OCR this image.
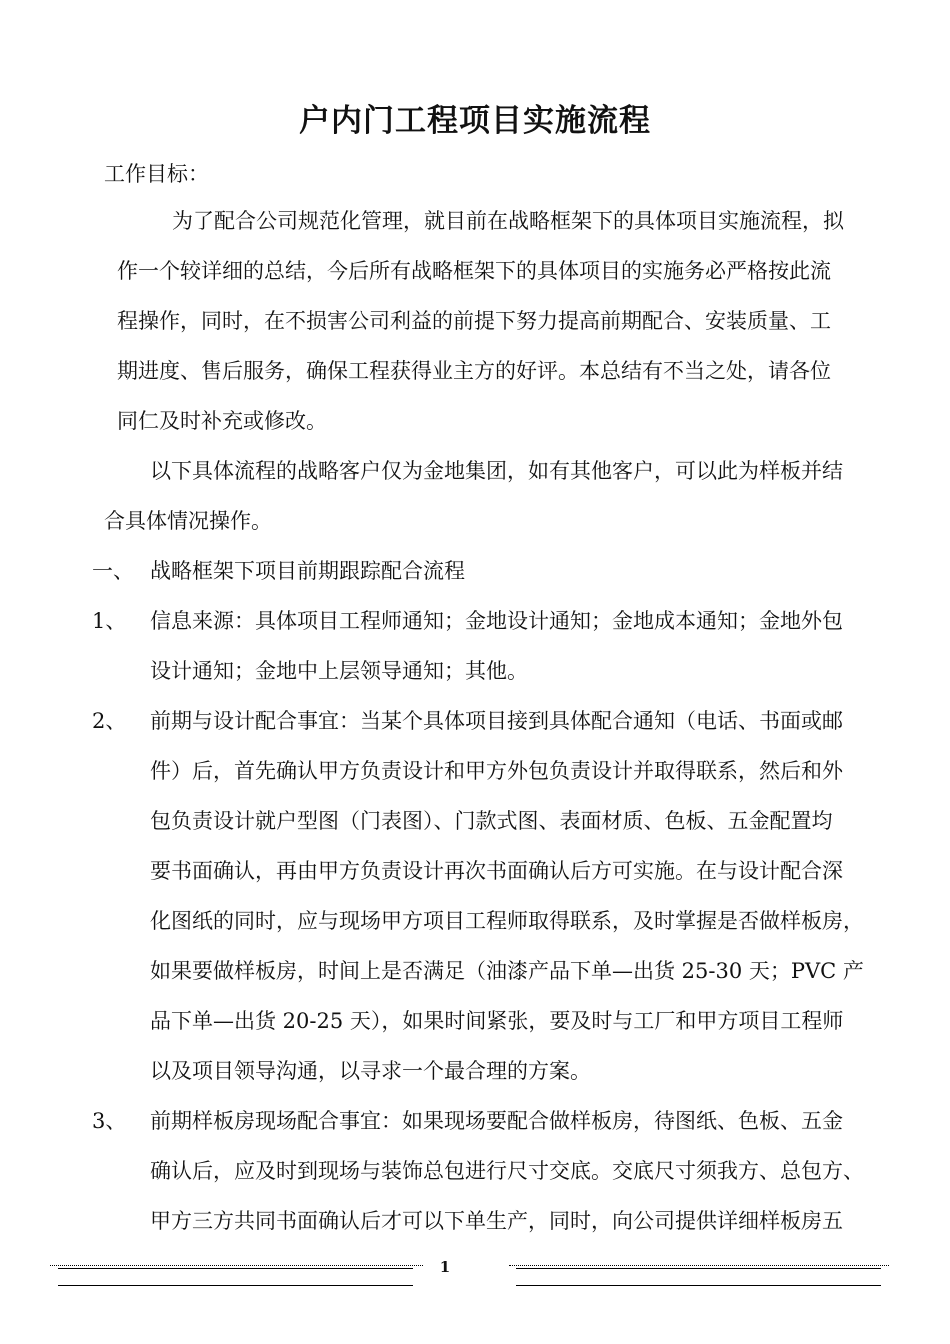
户内门工程项目实施流程
工作目标：
为了配合公司规范化管理，就目前在战略框架下的具体项目实施流程，拟
作一个较详细的总结，今后所有战略框架下的具体项目的实施务必严格按此流
程操作，同时，在不损害公司利益的前提下努力提高前期配合、安装质量、工
期进度、售后服务，确保工程获得业主方的好评。本总结有不当之处，请各位
同仁及时补充或修改。
以下具体流程的战略客户仅为金地集团，如有其他客户，可以此为样板并结
合具体情况操作。
一、 战略框架下项目前期跟踪配合流程
1、 信息来源：具体项目工程师通知；金地设计通知；金地成本通知；金地外包
设计通知；金地中上层领导通知；其他。
2、 前期与设计配合事宜：当某个具体项目接到具体配合通知（电话、书面或邮
件）后，首先确认甲方负责设计和甲方外包负责设计并取得联系，然后和外
包负责设计就户型图（门表图）、门款式图、表面材质、色板、五金配置均
要书面确认，再由甲方负责设计再次书面确认后方可实施。在与设计配合深
化图纸的同时，应与现场甲方项目工程师取得联系，及时掌握是否做样板房，
如果要做样板房，时间上是否满足（油漆产品下单—出货 25-30 天；PVC 产
品下单—出货 20-25 天），如果时间紧张，要及时与工厂和甲方项目工程师
以及项目领导沟通，以寻求一个最合理的方案。
3、 前期样板房现场配合事宜：如果现场要配合做样板房，待图纸、色板、五金
确认后，应及时到现场与装饰总包进行尺寸交底。交底尺寸须我方、总包方、
甲方三方共同书面确认后才可以下单生产，同时，向公司提供详细样板房五
1
